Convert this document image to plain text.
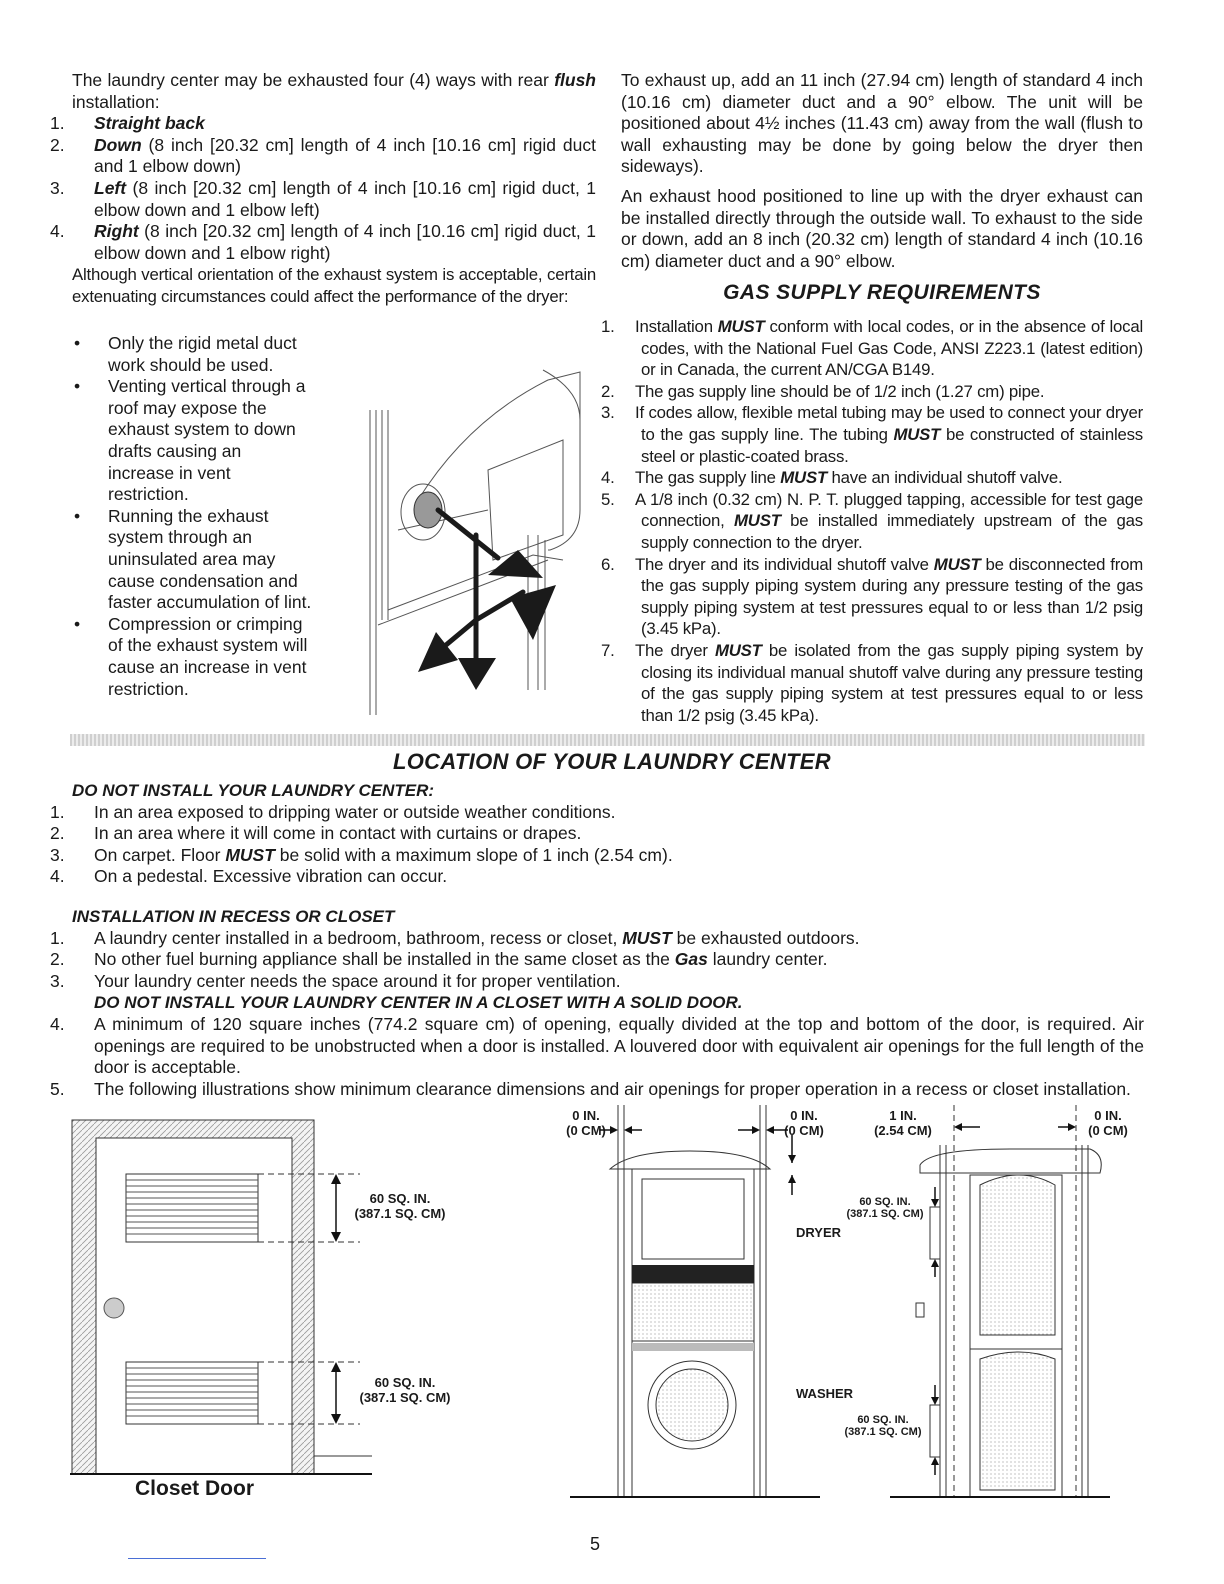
The laundry center may be exhausted four (4) ways with rear flush installation:
1. Straight back
2. Down (8 inch [20.32 cm] length of 4 inch [10.16 cm] rigid duct and 1 elbow down)
3. Left (8 inch [20.32 cm] length of 4 inch [10.16 cm] rigid duct, 1 elbow down and 1 elbow left)
4. Right (8 inch [20.32 cm] length of 4 inch [10.16 cm] rigid duct, 1 elbow down and 1 elbow right)
Although vertical orientation of the exhaust system is acceptable, certain extenuating circumstances could affect the performance of the dryer:
• Only the rigid metal duct work should be used.
• Venting vertical through a roof may expose the exhaust system to down drafts causing an increase in vent restriction.
• Running the exhaust system through an uninsulated area may cause condensation and faster accumulation of lint.
• Compression or crimping of the exhaust system will cause an increase in vent restriction.
To exhaust up, add an 11 inch (27.94 cm) length of standard 4 inch (10.16 cm) diameter duct and a 90° elbow. The unit will be positioned about 4½ inches (11.43 cm) away from the wall (flush to wall exhausting may be done by going below the dryer then sideways).
An exhaust hood positioned to line up with the dryer exhaust can be installed directly through the outside wall. To exhaust to the side or down, add an 8 inch (20.32 cm) length of standard 4 inch (10.16 cm) diameter duct and a 90° elbow.
GAS SUPPLY REQUIREMENTS
1. Installation MUST conform with local codes, or in the absence of local codes, with the National Fuel Gas Code, ANSI Z223.1 (latest edition) or in Canada, the current AN/CGA B149.
2. The gas supply line should be of 1/2 inch (1.27 cm) pipe.
3. If codes allow, flexible metal tubing may be used to connect your dryer to the gas supply line. The tubing MUST be constructed of stainless steel or plastic-coated brass.
4. The gas supply line MUST have an individual shutoff valve.
5. A 1/8 inch (0.32 cm) N. P. T. plugged tapping, accessible for test gage connection, MUST be installed immediately upstream of the gas supply connection to the dryer.
6. The dryer and its individual shutoff valve MUST be disconnected from the gas supply piping system during any pressure testing of the gas supply piping system at test pressures equal to or less than 1/2 psig (3.45 kPa).
7. The dryer MUST be isolated from the gas supply piping system by closing its individual manual shutoff valve during any pressure testing of the gas supply piping system at test pressures equal to or less than 1/2 psig (3.45 kPa).
LOCATION OF YOUR LAUNDRY CENTER
DO NOT INSTALL YOUR LAUNDRY CENTER:
1. In an area exposed to dripping water or outside weather conditions.
2. In an area where it will come in contact with curtains or drapes.
3. On carpet. Floor MUST be solid with a maximum slope of 1 inch (2.54 cm).
4. On a pedestal. Excessive vibration can occur.
INSTALLATION IN RECESS OR CLOSET
1. A laundry center installed in a bedroom, bathroom, recess or closet, MUST be exhausted outdoors.
2. No other fuel burning appliance shall be installed in the same closet as the Gas laundry center.
3. Your laundry center needs the space around it for proper ventilation.
DO NOT INSTALL YOUR LAUNDRY CENTER IN A CLOSET WITH A SOLID DOOR.
4. A minimum of 120 square inches (774.2 square cm) of opening, equally divided at the top and bottom of the door, is required. Air openings are required to be unobstructed when a door is installed. A louvered door with equivalent air openings for the full length of the door is acceptable.
5. The following illustrations show minimum clearance dimensions and air openings for proper operation in a recess or closet installation.
60 SQ. IN.
(387.1 SQ. CM)
60 SQ. IN.
(387.1 SQ. CM)
Closet Door
0 IN.
(0 CM)
0 IN.
(0 CM)
1 IN.
(2.54 CM)
0 IN.
(0 CM)
60 SQ. IN.
(387.1 SQ. CM)
DRYER
WASHER
60 SQ. IN.
(387.1 SQ. CM)
5
